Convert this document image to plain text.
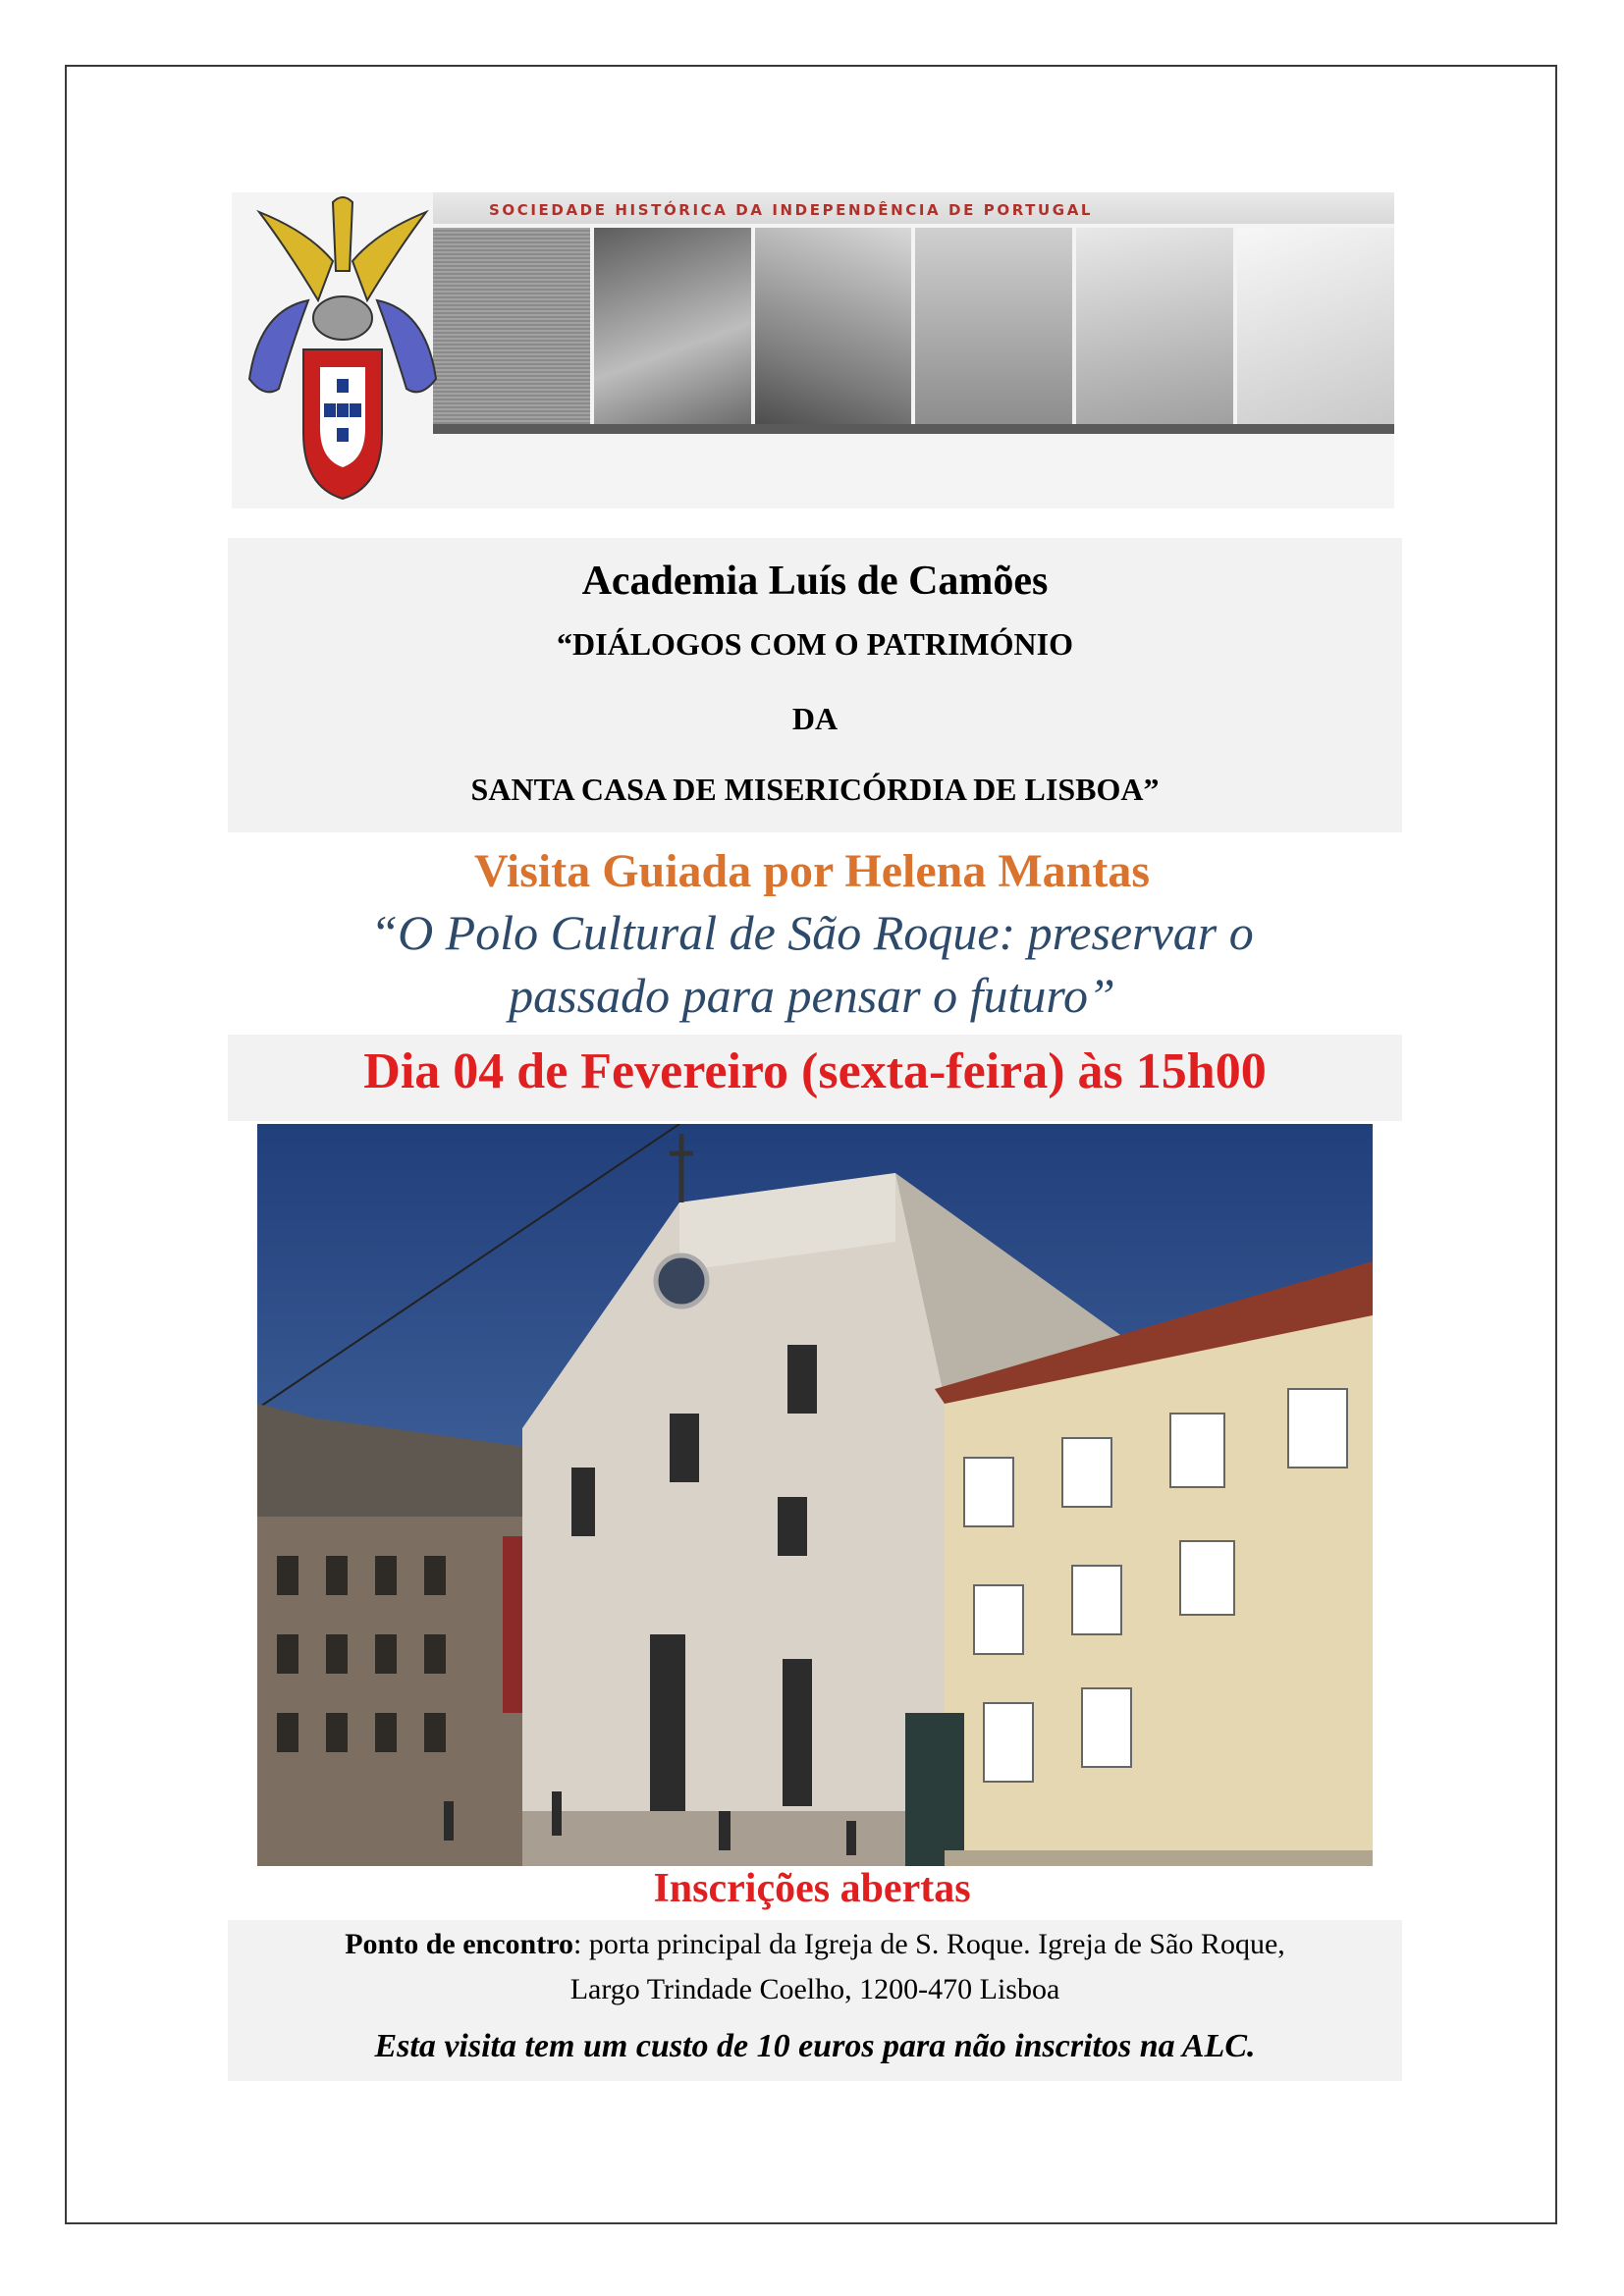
SOCIEDADE HISTÓRICA DA INDEPENDÊNCIA DE PORTUGAL
Academia Luís de Camões
“DIÁLOGOS COM O PATRIMÓNIO
DA
SANTA CASA DE MISERICÓRDIA DE LISBOA”
Visita Guiada por Helena Mantas
“O Polo Cultural de São Roque: preservar o
passado para pensar o futuro”
Dia 04 de Fevereiro (sexta-feira) às 15h00
Inscrições abertas
Ponto de encontro: porta principal da Igreja de S. Roque. Igreja de São Roque,
Largo Trindade Coelho, 1200-470 Lisboa
Esta visita tem um custo de 10 euros para não inscritos na ALC.
